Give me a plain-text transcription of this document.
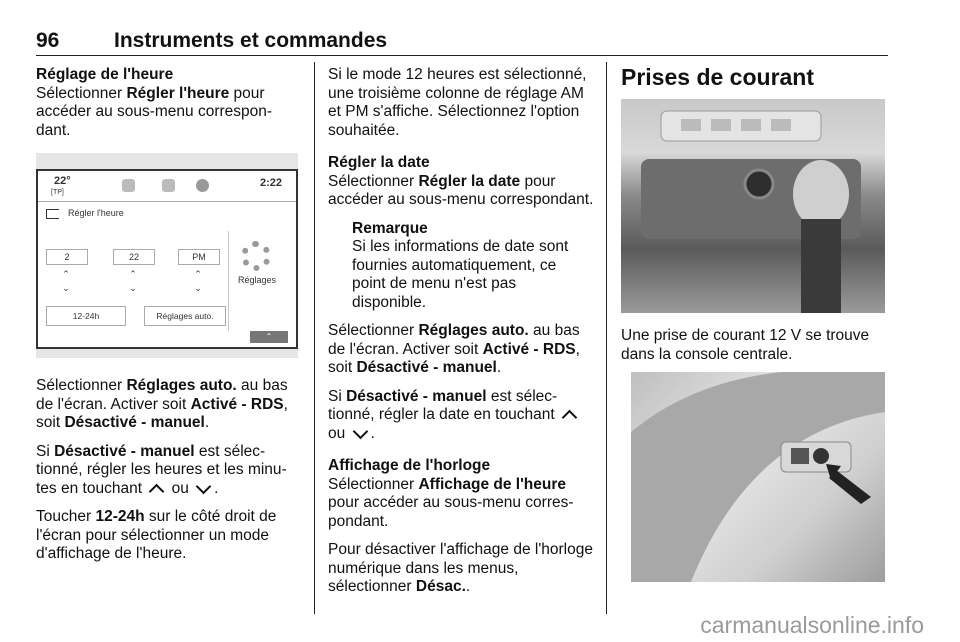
96	Instruments et commandes

Réglage de l'heure
Sélectionner Régler l'heure pour accéder au sous-menu correspondant.

22°
[TP]
2:22
Régler l'heure
2	22	PM
⌃
⌄
⌃
⌄
⌃
⌄
Réglages
12-24h	Réglages auto.
⌃

Sélectionner Réglages auto. au bas de l'écran. Activer soit Activé - RDS, soit Désactivé - manuel.

Si Désactivé - manuel est sélectionné, régler les heures et les minutes en touchant  ou .

Toucher 12-24h sur le côté droit de l'écran pour sélectionner un mode d'affichage de l'heure.

Si le mode 12 heures est sélectionné, une troisième colonne de réglage AM et PM s'affiche. Sélectionnez l'option souhaitée.

Régler la date
Sélectionner Régler la date pour accéder au sous-menu correspondant.

Remarque
Si les informations de date sont fournies automatiquement, ce point de menu n'est pas disponible.

Sélectionner Réglages auto. au bas de l'écran. Activer soit Activé - RDS, soit Désactivé - manuel.

Si Désactivé - manuel est sélectionné, régler la date en touchant
ou .

Affichage de l'horloge
Sélectionner Affichage de l'heure pour accéder au sous-menu correspondant.

Pour désactiver l'affichage de l'horloge numérique dans les menus, sélectionner Désac..

Prises de courant
Une prise de courant 12 V se trouve dans la console centrale.
carmanualsonline.info
